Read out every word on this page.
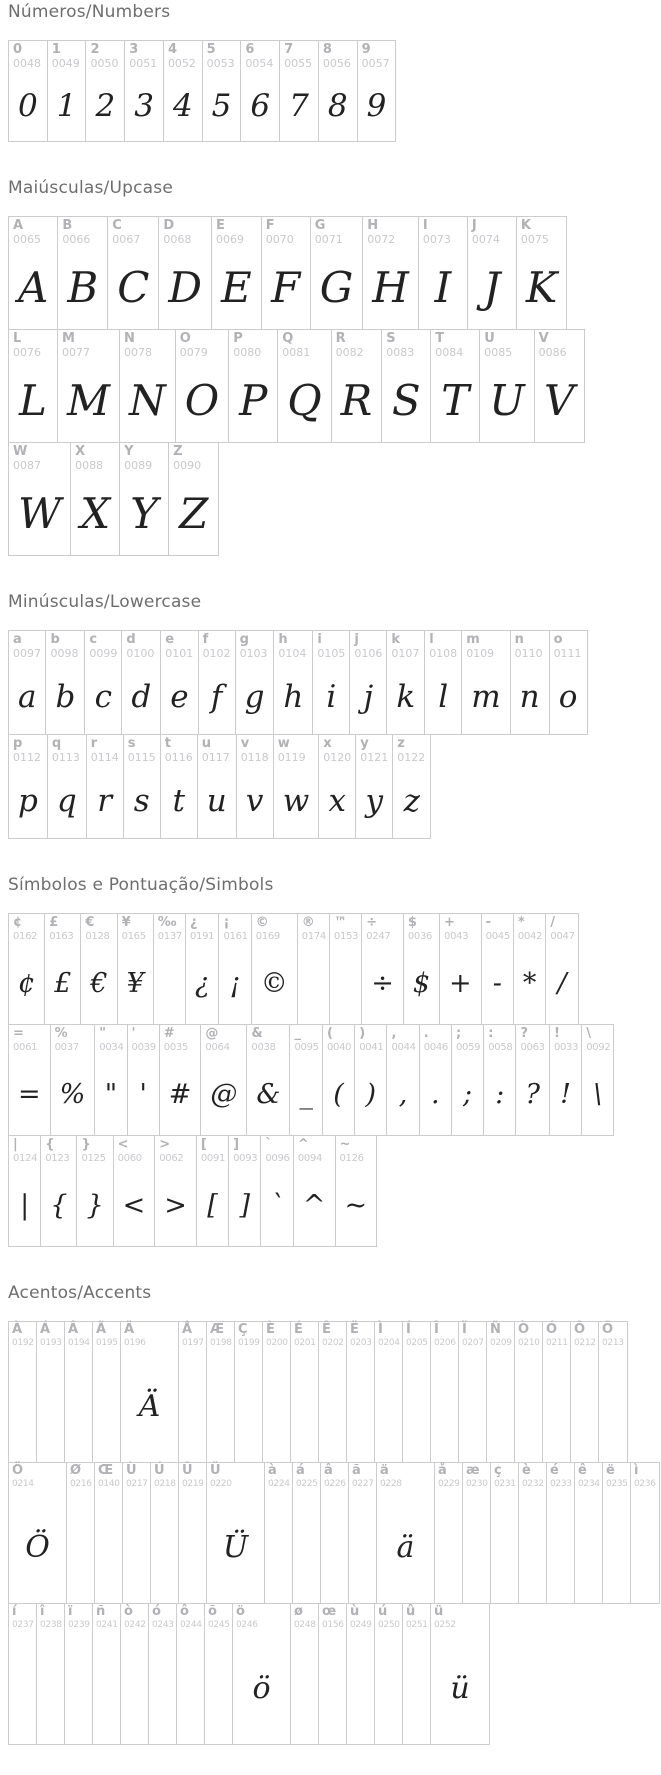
Números/Numbers
0
0048
0
1
0049
1
2
0050
2
3
0051
3
4
0052
4
5
0053
5
6
0054
6
7
0055
7
8
0056
8
9
0057
9
Maiúsculas/Upcase
A
0065
A
B
0066
B
C
0067
C
D
0068
D
E
0069
E
F
0070
F
G
0071
G
H
0072
H
I
0073
I
J
0074
J
K
0075
K
L
0076
L
M
0077
M
N
0078
N
O
0079
O
P
0080
P
Q
0081
Q
R
0082
R
S
0083
S
T
0084
T
U
0085
U
V
0086
V
W
0087
W
X
0088
X
Y
0089
Y
Z
0090
Z
Minúsculas/Lowercase
a
0097
a
b
0098
b
c
0099
c
d
0100
d
e
0101
e
f
0102
f
g
0103
g
h
0104
h
i
0105
i
j
0106
j
k
0107
k
l
0108
l
m
0109
m
n
0110
n
o
0111
o
p
0112
p
q
0113
q
r
0114
r
s
0115
s
t
0116
t
u
0117
u
v
0118
v
w
0119
w
x
0120
x
y
0121
y
z
0122
z
Símbolos e Pontuação/Simbols
¢
0162
¢
£
0163
£
€
0128
€
¥
0165
¥
‰
0137
¿
0191
¿
¡
0161
¡
©
0169
©
®
0174
™
0153
÷
0247
÷
$
0036
$
+
0043
+
-
0045
-
*
0042
*
/
0047
/
=
0061
=
%
0037
%
"
0034
"
'
0039
'
#
0035
#
@
0064
@
&
0038
&
_
0095
_
(
0040
(
)
0041
)
,
0044
,
.
0046
.
;
0059
;
:
0058
:
?
0063
?
!
0033
!
\
0092
\
|
0124
|
{
0123
{
}
0125
}
<
0060
<
>
0062
>
[
0091
[
]
0093
]
`
0096
`
^
0094
^
~
0126
~
Acentos/Accents
À
0192
Á
0193
Â
0194
Ã
0195
Ä
0196
Ä
Å
0197
Æ
0198
Ç
0199
È
0200
É
0201
Ê
0202
Ë
0203
Ì
0204
Í
0205
Î
0206
Ï
0207
Ñ
0209
Ò
0210
Ó
0211
Ô
0212
Õ
0213
Ö
0214
Ö
Ø
0216
Œ
0140
Ù
0217
Ú
0218
Û
0219
Ü
0220
Ü
à
0224
á
0225
â
0226
ã
0227
ä
0228
ä
å
0229
æ
0230
ç
0231
è
0232
é
0233
ê
0234
ë
0235
ì
0236
í
0237
î
0238
ï
0239
ñ
0241
ò
0242
ó
0243
ô
0244
õ
0245
ö
0246
ö
ø
0248
œ
0156
ù
0249
ú
0250
û
0251
ü
0252
ü
